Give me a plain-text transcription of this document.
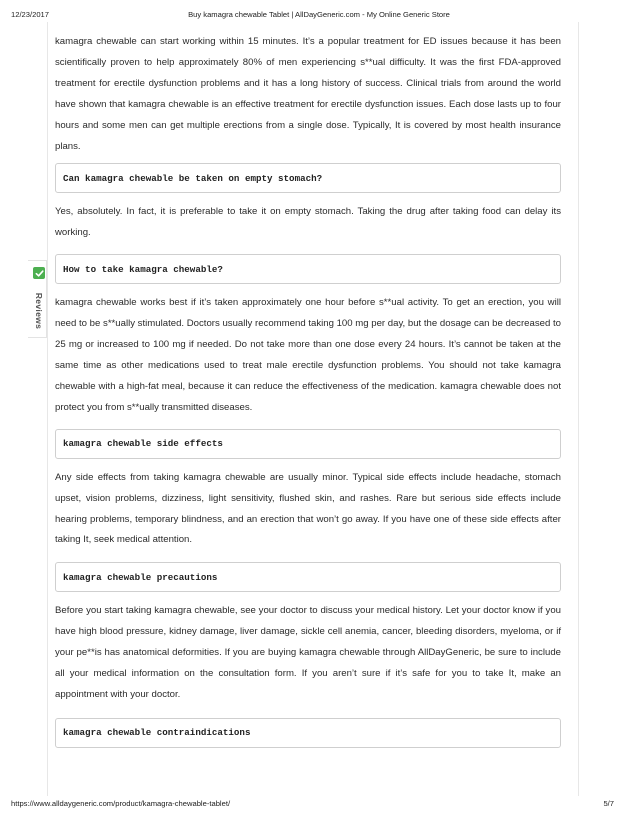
12/23/2017	Buy kamagra chewable Tablet | AllDayGeneric.com - My Online Generic Store
Reviews

kamagra chewable can start working within 15 minutes. It’s a popular treatment for ED issues because it has been scientifically proven to help approximately 80% of men experiencing s**ual difficulty. It was the first FDA-approved treatment for erectile dysfunction problems and it has a long history of success. Clinical trials from around the world have shown that kamagra chewable is an effective treatment for erectile dysfunction issues. Each dose lasts up to four hours and some men can get multiple erections from a single dose. Typically, It is covered by most health insurance plans.

Can kamagra chewable be taken on empty stomach?

Yes, absolutely. In fact, it is preferable to take it on empty stomach. Taking the drug after taking food can delay its working.

How to take kamagra chewable?

kamagra chewable works best if it’s taken approximately one hour before s**ual activity. To get an erection, you will need to be s**ually stimulated. Doctors usually recommend taking 100 mg per day, but the dosage can be decreased to 25 mg or increased to 100 mg if needed. Do not take more than one dose every 24 hours. It’s cannot be taken at the same time as other medications used to treat male erectile dysfunction problems. You should not take kamagra chewable with a high-fat meal, because it can reduce the effectiveness of the medication. kamagra chewable does not protect you from s**ually transmitted diseases.

kamagra chewable side effects

Any side effects from taking kamagra chewable are usually minor. Typical side effects include headache, stomach upset, vision problems, dizziness, light sensitivity, flushed skin, and rashes. Rare but serious side effects include hearing problems, temporary blindness, and an erection that won’t go away. If you have one of these side effects after taking It, seek medical attention.

kamagra chewable precautions

Before you start taking kamagra chewable, see your doctor to discuss your medical history. Let your doctor know if you have high blood pressure, kidney damage, liver damage, sickle cell anemia, cancer, bleeding disorders, myeloma, or if your pe**is has anatomical deformities. If you are buying kamagra chewable through AllDayGeneric, be sure to include all your medical information on the consultation form. If you aren’t sure if it’s safe for you to take It, make an appointment with your doctor.

kamagra chewable contraindications
https://www.alldaygeneric.com/product/kamagra-chewable-tablet/	5/7
